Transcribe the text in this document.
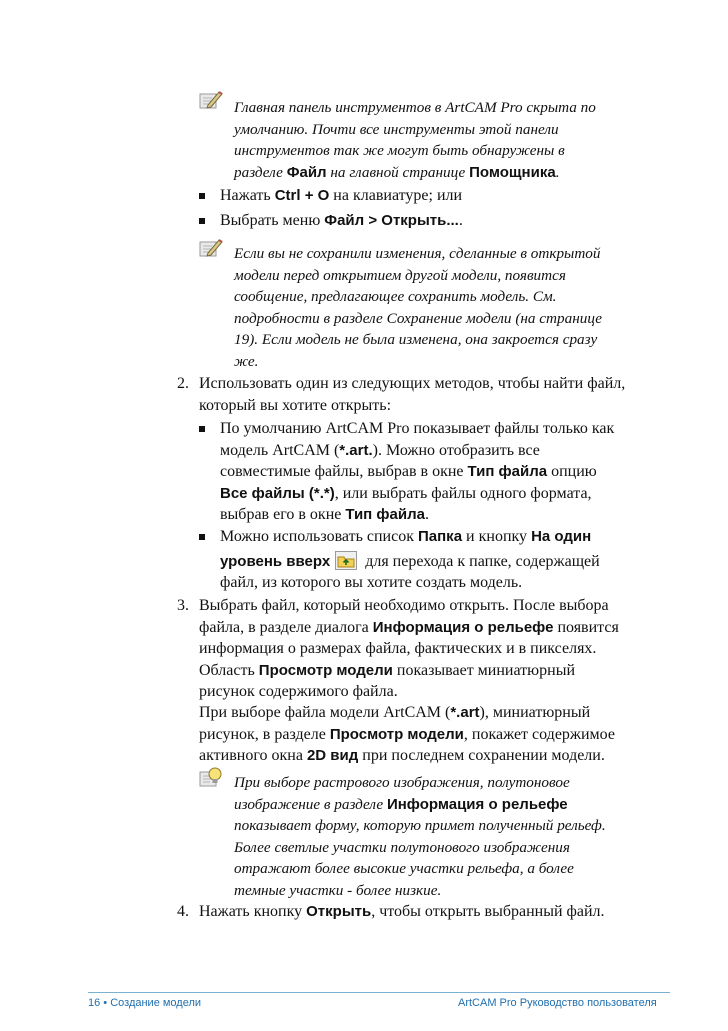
Главная панель инструментов в ArtCAM Pro скрыта по
умолчанию. Почти все инструменты этой панели
инструментов так же могут быть обнаружены в
разделе Файл на главной странице Помощника.
Нажать Ctrl + O на клавиатуре; или
Выбрать меню Файл > Открыть....
Если вы не сохранили изменения, сделанные в открытой
модели перед открытием другой модели, появится
сообщение, предлагающее сохранить модель. См.
подробности в разделе Сохранение модели (на странице
19). Если модель не была изменена, она закроется сразу
же.
2. Использовать один из следующих методов, чтобы найти файл,
который вы хотите открыть:
По умолчанию ArtCAM Pro показывает файлы только как
модель ArtCAM (*.art.). Можно отобразить все
совместимые файлы, выбрав в окне Тип файла опцию
Все файлы (*.*), или выбрать файлы одного формата,
выбрав его в окне Тип файла.
Можно использовать список Папка и кнопку На один
уровень вверх для перехода к папке, содержащей
файл, из которого вы хотите создать модель.
3. Выбрать файл, который необходимо открыть. После выбора
файла, в разделе диалога Информация о рельефе появится
информация о размерах файла, фактических и в пикселях.
Область Просмотр модели показывает миниатюрный
рисунок содержимого файла.
При выборе файла модели ArtCAM (*.art), миниатюрный
рисунок, в разделе Просмотр модели, покажет содержимое
активного окна 2D вид при последнем сохранении модели.
При выборе растрового изображения, полутоновое
изображение в разделе Информация о рельефе
показывает форму, которую примет полученный рельеф.
Более светлые участки полутонового изображения
отражают более высокие участки рельефа, а более
темные участки - более низкие.
4. Нажать кнопку Открыть, чтобы открыть выбранный файл.
16 • Создание модели	ArtCAM Pro Руководство пользователя
